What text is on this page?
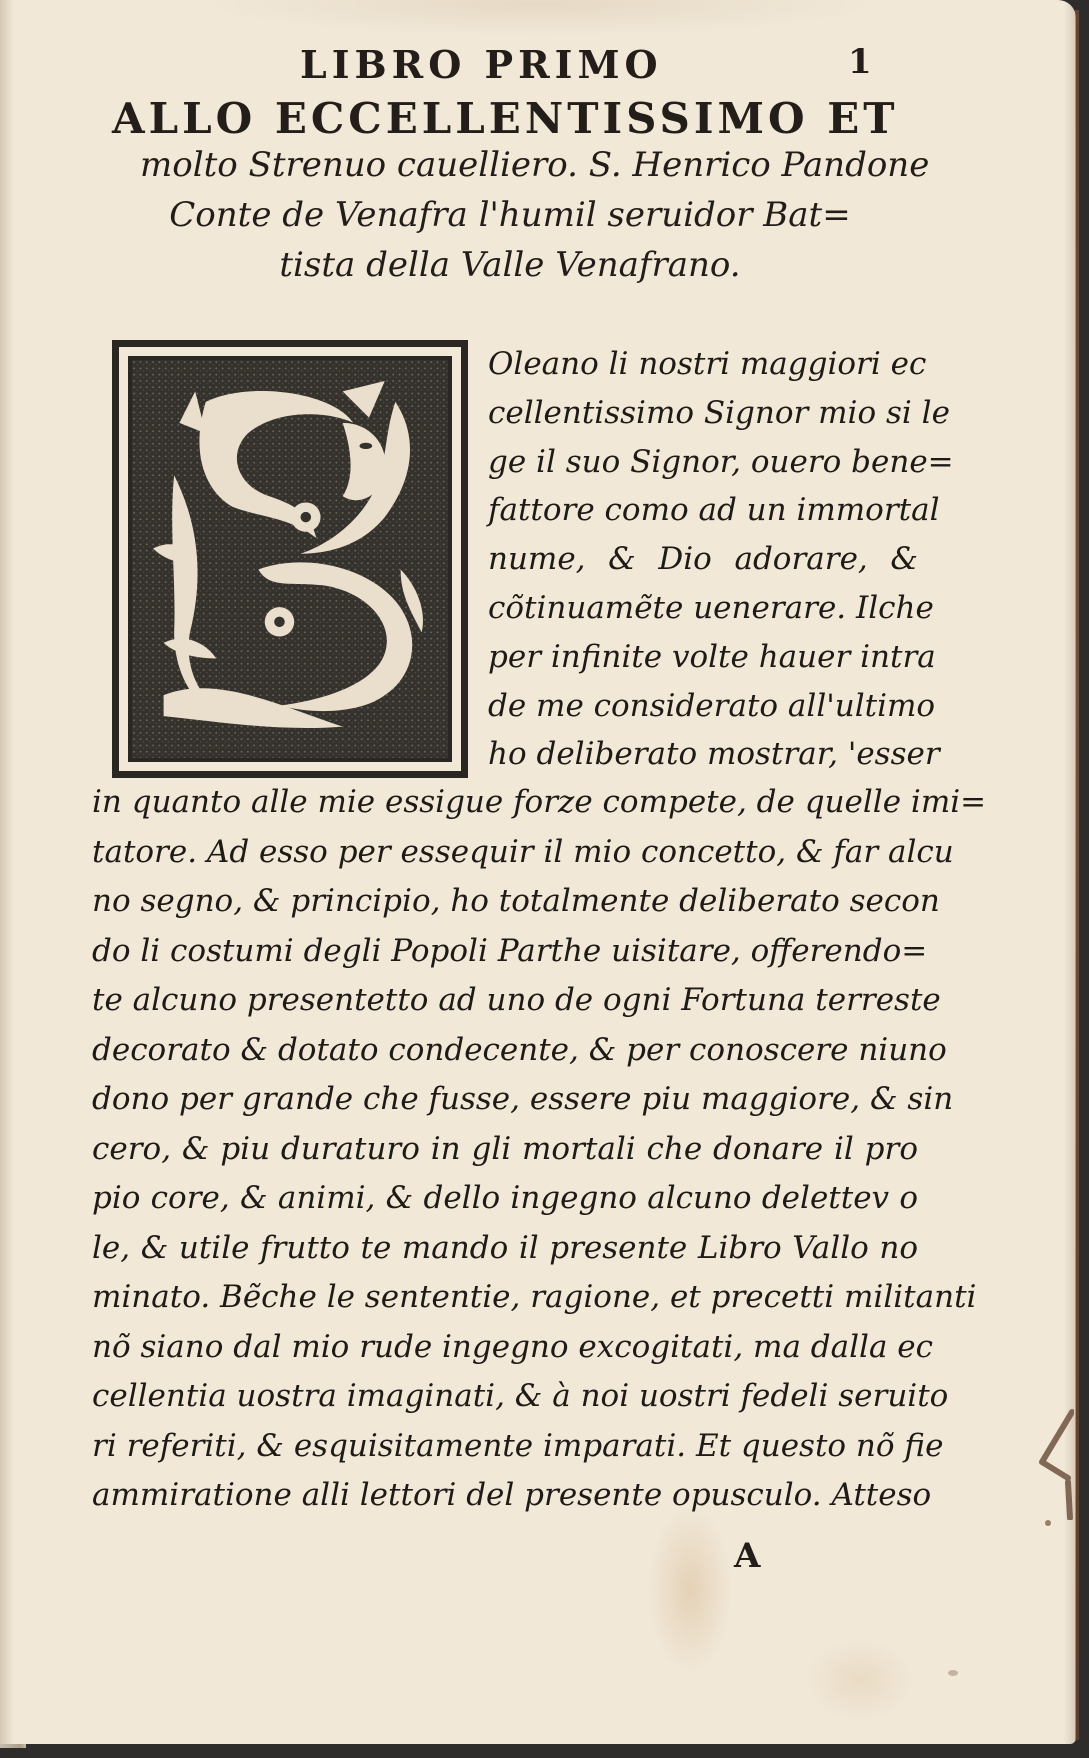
LIBRO PRIMO	1
ALLO ECCELLENTISSIMO ET
molto Strenuo cauelliero. S. Henrico Pandone
Conte de Venafra l'humil seruidor Bat=
tista della Valle Venafrano.
Oleano li nostri maggiori ec
cellentissimo Signor mio si le
ge il suo Signor, ouero bene=
fattore como ad un immortal
nume, & Dio adorare, &
cõtinuamẽte uenerare. Ilche
per infinite volte hauer intra
de me considerato all'ultimo
ho deliberato mostrar, 'esser
in quanto alle mie essigue forze compete, de quelle imi=
tatore. Ad esso per essequir il mio concetto, & far alcu
no segno, & principio, ho totalmente deliberato secon
do li costumi degli Popoli Parthe uisitare, offerendo=
te alcuno presentetto ad uno de ogni Fortuna terreste
decorato & dotato condecente, & per conoscere niuno
dono per grande che fusse, essere piu maggiore, & sin
cero, & piu duraturo in gli mortali che donare il pro
pio core, & animi, & dello ingegno alcuno delettev o
le, & utile frutto te mando il presente Libro Vallo no
minato. Bẽche le sententie, ragione, et precetti militanti
nõ siano dal mio rude ingegno excogitati, ma dalla ec
cellentia uostra imaginati, & à noi uostri fedeli seruito
ri referiti, & esquisitamente imparati. Et questo nõ fie
ammiratione alli lettori del presente opusculo. Atteso
A
